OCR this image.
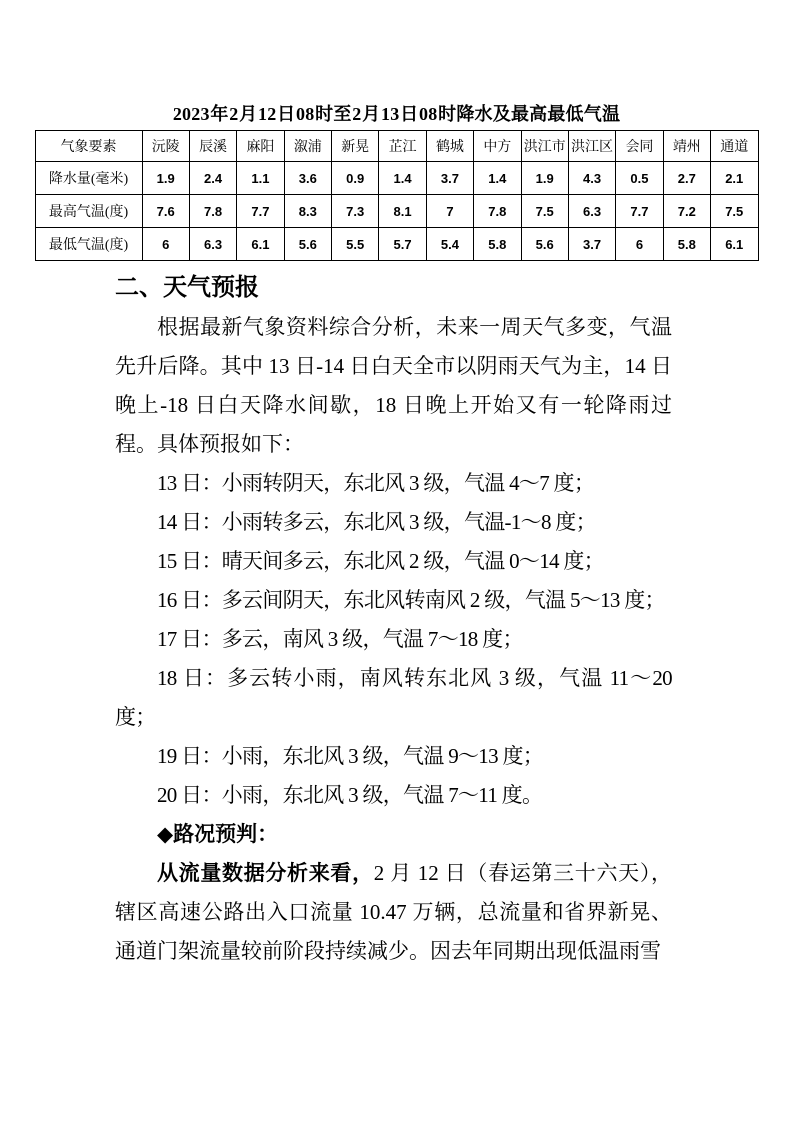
2023 年 2 月 12 日 08 时至 2 月 13 日 08 时降水及最高最低气温
气象要素	沅陵	辰溪	麻阳	溆浦	新晃	芷江	鹤城	中方	洪江市	洪江区	会同	靖州	通道
降水量(毫米)	1.9	2.4	1.1	3.6	0.9	1.4	3.7	1.4	1.9	4.3	0.5	2.7	2.1
最高气温(度)	7.6	7.8	7.7	8.3	7.3	8.1	7	7.8	7.5	6.3	7.7	7.2	7.5
最低气温(度)	6	6.3	6.1	5.6	5.5	5.7	5.4	5.8	5.6	3.7	6	5.8	6.1
二、天气预报

根据最新气象资料综合分析，未来一周天气多变，气温先升后降。其中 13 日-14 日白天全市以阴雨天气为主，14 日晚上-18 日白天降水间歇，18 日晚上开始又有一轮降雨过程。具体预报如下：

13 日：小雨转阴天，东北风 3 级，气温 4～7 度；

14 日：小雨转多云，东北风 3 级，气温-1～8 度；

15 日：晴天间多云，东北风 2 级，气温 0～14 度；

16 日：多云间阴天，东北风转南风 2 级，气温 5～13 度；

17 日：多云，南风 3 级，气温 7～18 度；

18 日：多云转小雨，南风转东北风 3 级，气温 11～20 度；

19 日：小雨，东北风 3 级，气温 9～13 度；

20 日：小雨，东北风 3 级，气温 7～11 度。

◆路况预判：

从流量数据分析来看，2 月 12 日（春运第三十六天），辖区高速公路出入口流量 10.47 万辆，总流量和省界新晃、通道门架流量较前阶段持续减少。因去年同期出现低温雨雪
